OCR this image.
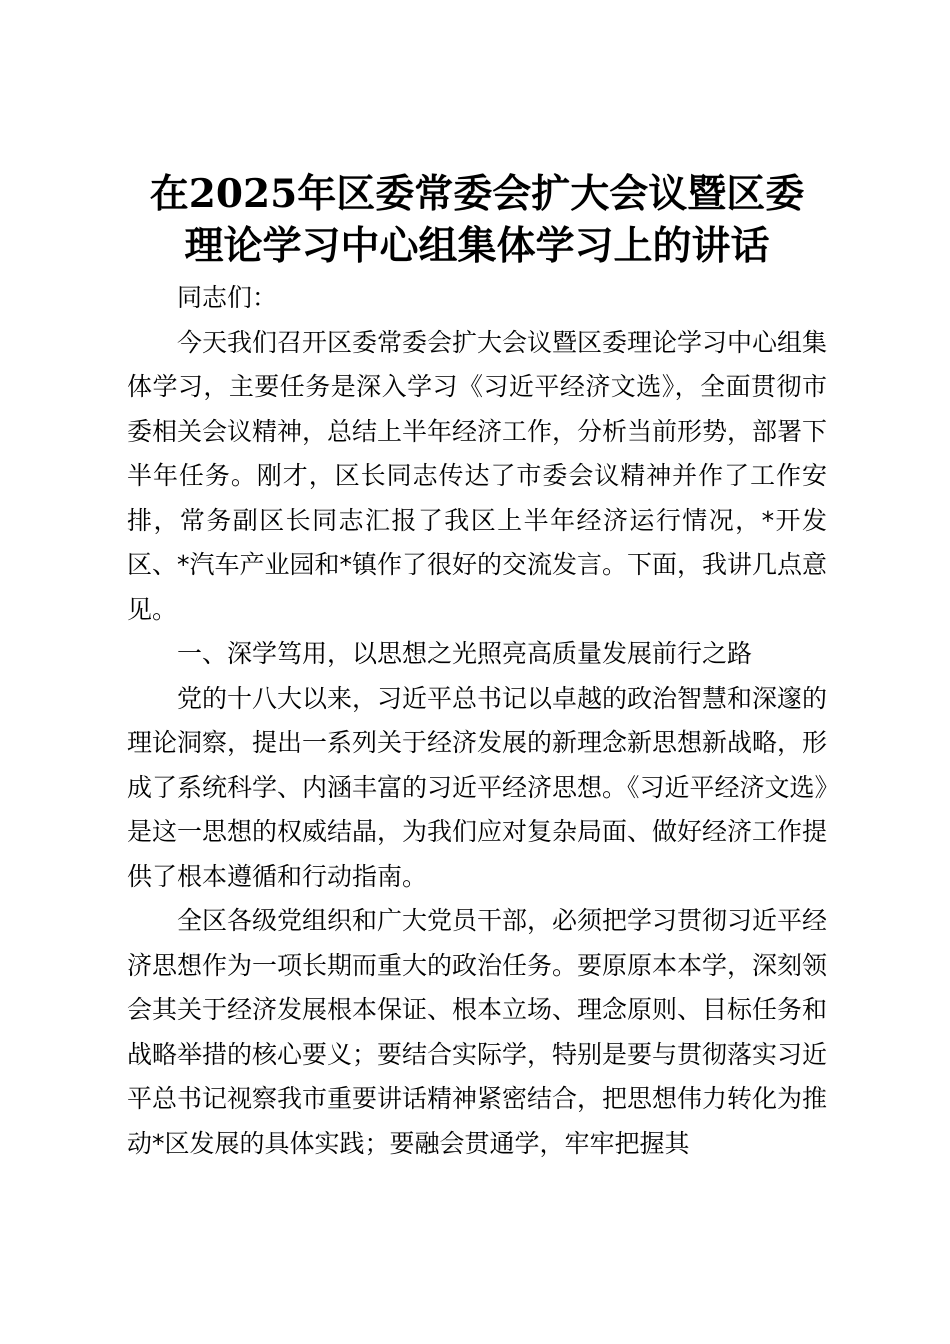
在2025年区委常委会扩大会议暨区委
理论学习中心组集体学习上的讲话

同志们：

今天我们召开区委常委会扩大会议暨区委理论学习中心组集体学习，主要任务是深入学习《习近平经济文选》，全面贯彻市委相关会议精神，总结上半年经济工作，分析当前形势，部署下半年任务。刚才，区长同志传达了市委会议精神并作了工作安排，常务副区长同志汇报了我区上半年经济运行情况，*开发区、*汽车产业园和*镇作了很好的交流发言。下面，我讲几点意见。

一、深学笃用，以思想之光照亮高质量发展前行之路

党的十八大以来，习近平总书记以卓越的政治智慧和深邃的理论洞察，提出一系列关于经济发展的新理念新思想新战略，形成了系统科学、内涵丰富的习近平经济思想。《习近平经济文选》是这一思想的权威结晶，为我们应对复杂局面、做好经济工作提供了根本遵循和行动指南。

全区各级党组织和广大党员干部，必须把学习贯彻习近平经济思想作为一项长期而重大的政治任务。要原原本本学，深刻领会其关于经济发展根本保证、根本立场、理念原则、目标任务和战略举措的核心要义；要结合实际学，特别是要与贯彻落实习近平总书记视察我市重要讲话精神紧密结合，把思想伟力转化为推动*区发展的具体实践；要融会贯通学，牢牢把握其
